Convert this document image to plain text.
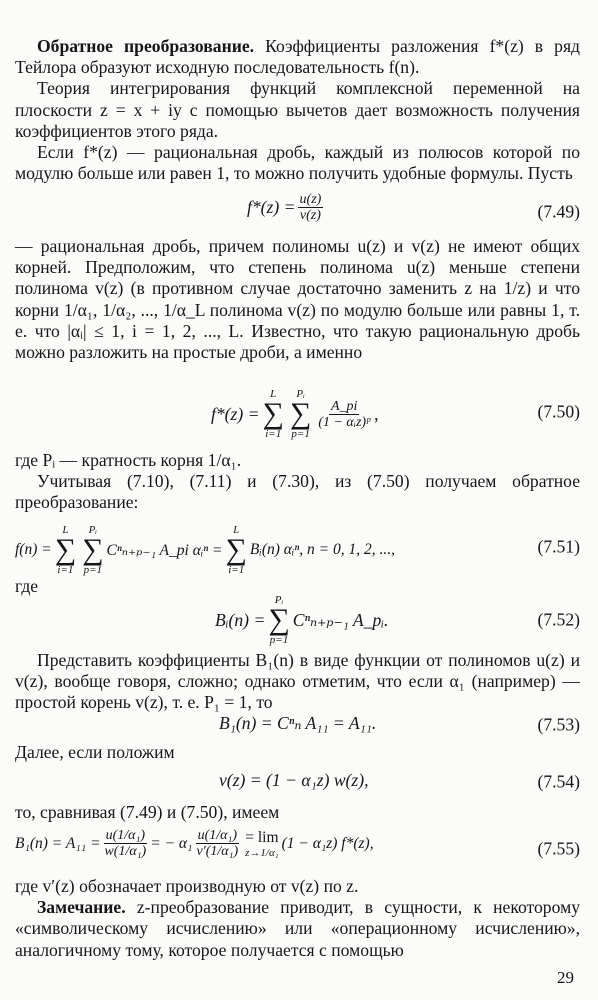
Обратное преобразование. Коэффициенты разложения f*(z) в ряд Тейлора образуют исходную последовательность f(n).

Теория интегрирования функций комплексной переменной на плоскости z = x + iy с помощью вычетов дает возможность получения коэффициентов этого ряда.

Если f*(z) — рациональная дробь, каждый из полюсов которой по модулю больше или равен 1, то можно получить удобные формулы. Пусть

$f*(z) = \frac{u(z)}{v(z)}$	(7.49)

— рациональная дробь, причем полиномы u(z) и v(z) не имеют общих корней. Предположим, что степень полинома u(z) меньше степени полинома v(z) (в противном случае достаточно заменить z на 1/z) и что корни 1/α₁, 1/α₂, ..., 1/α_L полинома v(z) по модулю больше или равны 1, т. е. что |αᵢ| ≤ 1, i = 1, 2, ..., L. Известно, что такую рациональную дробь можно разложить на простые дроби, а именно

f*(z) =
L
∑
i=1
Pᵢ
∑
p=1
$\frac{A\_pi}{\text{(1 − αᵢz)ᵖ}}$ ,	(7.50)

где Pᵢ — кратность корня 1/α₁.

Учитывая (7.10), (7.11) и (7.30), из (7.50) получаем обратное преобразование:

f(n) =
L
∑
i=1
Pᵢ
∑
p=1
Cⁿₙ₊ₚ₋₁ A_pi αᵢⁿ =
L
∑
i=1
Bᵢ(n) αᵢⁿ, n = 0, 1, 2, ...,	(7.51)

где

Bᵢ(n) =
Pᵢ
∑
p=1
Cⁿₙ₊ₚ₋₁ A_pᵢ.	(7.52)

Представить коэффициенты B₁(n) в виде функции от полиномов u(z) и v(z), вообще говоря, сложно; однако отметим, что если α₁ (например) — простой корень v(z), т. е. P₁ = 1, то

B₁(n) = Cⁿₙ A₁₁ = A₁₁.	(7.53)

Далее, если положим

v(z) = (1 − α₁z) w(z),	(7.54)

то, сравнивая (7.49) и (7.50), имеем

$B_1(n) = A_{11} = \frac{\text{u(1/α₁)}}{\text{w(1/α₁)}}$ = − $\alpha_1 \frac{\text{u(1/α₁)}}{\text{v′(1/α₁)}} = \lim$
z→1/α₁
(1 − α₁z) f*(z),	(7.55)

где v′(z) обозначает производную от v(z) по z.

Замечание. z-преобразование приводит, в сущности, к некоторому «символическому исчислению» или «операционному исчислению», аналогичному тому, которое получается с помощью

29
